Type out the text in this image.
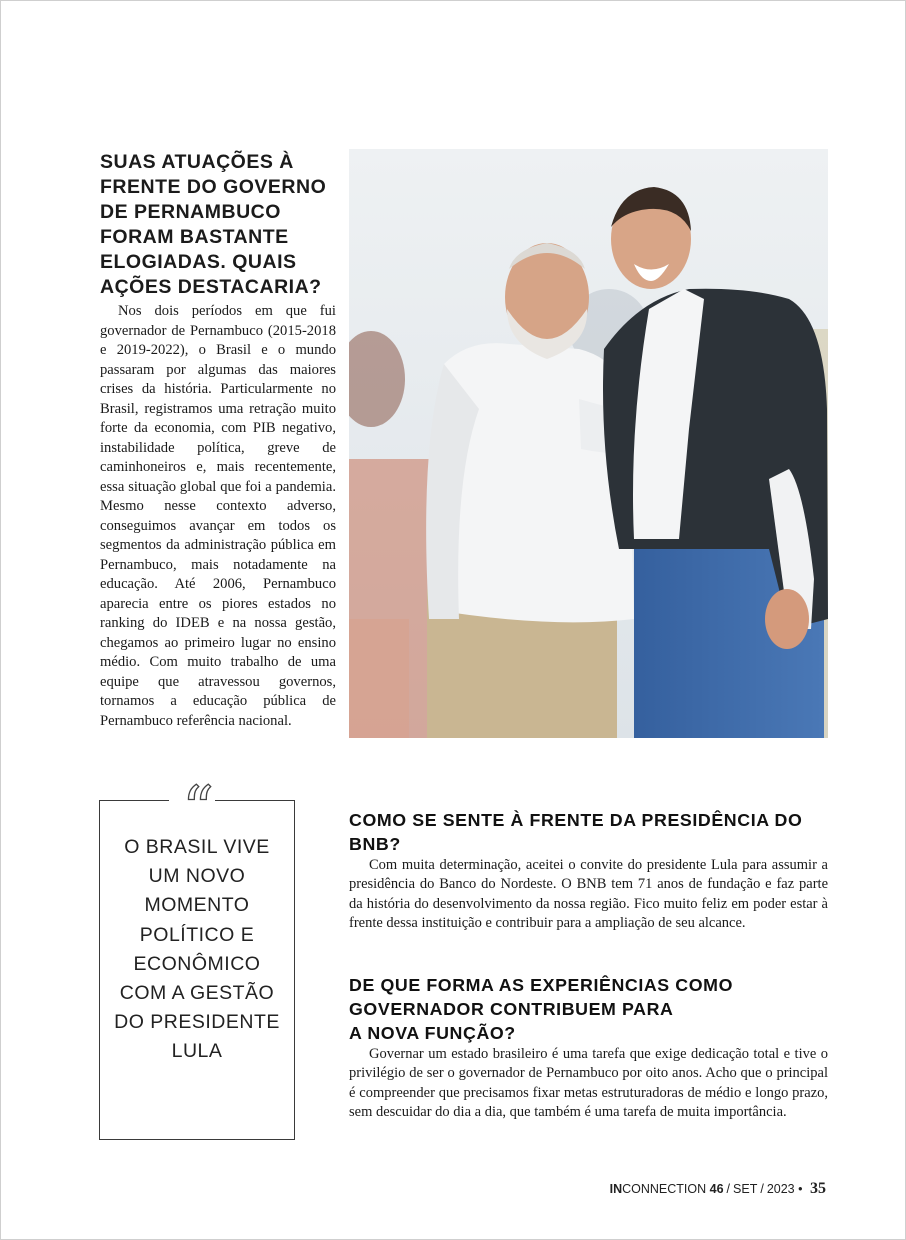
SUAS ATUAÇÕES À FRENTE DO GOVERNO DE PERNAMBUCO FORAM BASTANTE ELOGIADAS. QUAIS AÇÕES DESTACARIA?

Nos dois períodos em que fui governador de Pernambuco (2015-2018 e 2019-2022), o Brasil e o mundo passaram por algumas das maiores crises da história. Particularmente no Brasil, registramos uma retração muito forte da economia, com PIB negativo, instabilidade política, greve de caminhoneiros e, mais recentemente, essa situação global que foi a pandemia. Mesmo nesse contexto adverso, conseguimos avançar em todos os segmentos da administração pública em Pernambuco, mais notadamente na educação. Até 2006, Pernambuco aparecia entre os piores estados no ranking do IDEB e na nossa gestão, chegamos ao primeiro lugar no ensino médio. Com muito trabalho de uma equipe que atravessou governos, tornamos a educação pública de Pernambuco referência nacional.

“
O BRASIL VIVE UM NOVO MOMENTO POLÍTICO E ECONÔMICO COM A GESTÃO DO PRESIDENTE LULA
COMO SE SENTE À FRENTE DA PRESIDÊNCIA DO BNB?

Com muita determinação, aceitei o convite do presidente Lula para assumir a presidência do Banco do Nordeste. O BNB tem 71 anos de fundação e faz parte da história do desenvolvimento da nossa região. Fico muito feliz em poder estar à frente dessa instituição e contribuir para a ampliação de seu alcance.

DE QUE FORMA AS EXPERIÊNCIAS COMO
GOVERNADOR CONTRIBUEM PARA
A NOVA FUNÇÃO?

Governar um estado brasileiro é uma tarefa que exige dedicação total e tive o privilégio de ser o governador de Pernambuco por oito anos. Acho que o principal é compreender que precisamos fixar metas estruturadoras de médio e longo prazo, sem descuidar do dia a dia, que também é uma tarefa de muita importância.

INCONNECTION 46 / SET / 2023 • 35
